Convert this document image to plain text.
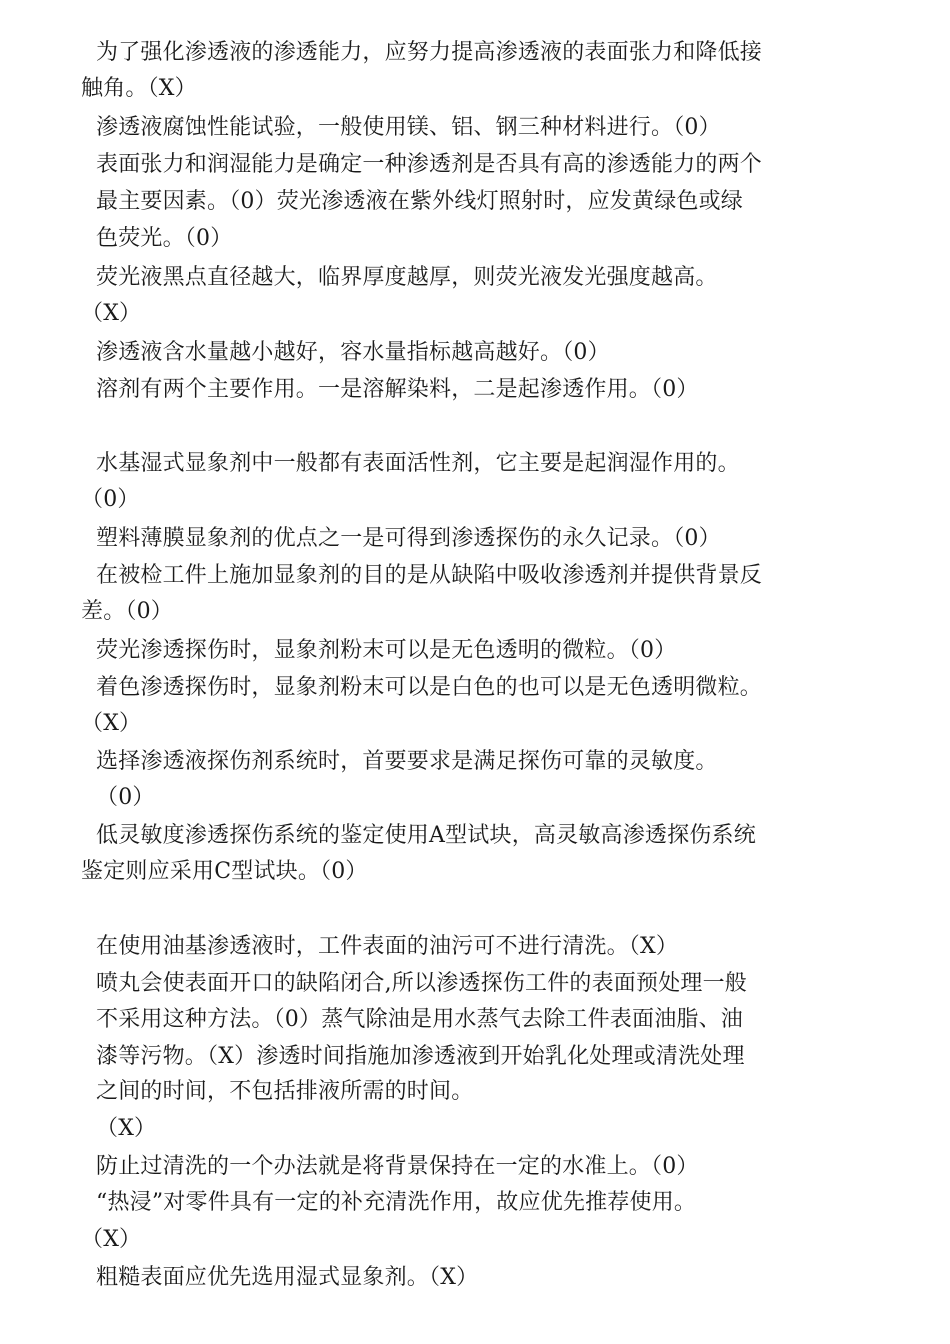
为了强化渗透液的渗透能力，应努力提高渗透液的表面张力和降低接
触角。（X）
渗透液腐蚀性能试验，一般使用镁、铝、钢三种材料进行。（0）
表面张力和润湿能力是确定一种渗透剂是否具有高的渗透能力的两个
最主要因素。（0）荧光渗透液在紫外线灯照射时，应发黄绿色或绿
色荧光。（0）
荧光液黑点直径越大，临界厚度越厚，则荧光液发光强度越高。
（X）
渗透液含水量越小越好，容水量指标越高越好。（0）
溶剂有两个主要作用。一是溶解染料，二是起渗透作用。（0）
水基湿式显象剂中一般都有表面活性剂，它主要是起润湿作用的。
（0）
塑料薄膜显象剂的优点之一是可得到渗透探伤的永久记录。（0）
在被检工件上施加显象剂的目的是从缺陷中吸收渗透剂并提供背景反
差。（0）
荧光渗透探伤时，显象剂粉末可以是无色透明的微粒。（0）
着色渗透探伤时，显象剂粉末可以是白色的也可以是无色透明微粒。
（X）
选择渗透液探伤剂系统时，首要要求是满足探伤可靠的灵敏度。
（0）
低灵敏度渗透探伤系统的鉴定使用A型试块，高灵敏高渗透探伤系统
鉴定则应采用C型试块。（0）
在使用油基渗透液时，工件表面的油污可不进行清洗。（X）
喷丸会使表面开口的缺陷闭合,所以渗透探伤工件的表面预处理一般
不采用这种方法。（0）蒸气除油是用水蒸气去除工件表面油脂、油
漆等污物。（X）渗透时间指施加渗透液到开始乳化处理或清洗处理
之间的时间，不包括排液所需的时间。
（X）
防止过清洗的一个办法就是将背景保持在一定的水准上。（0）
“热浸”对零件具有一定的补充清洗作用，故应优先推荐使用。
（X）
粗糙表面应优先选用湿式显象剂。（X）
